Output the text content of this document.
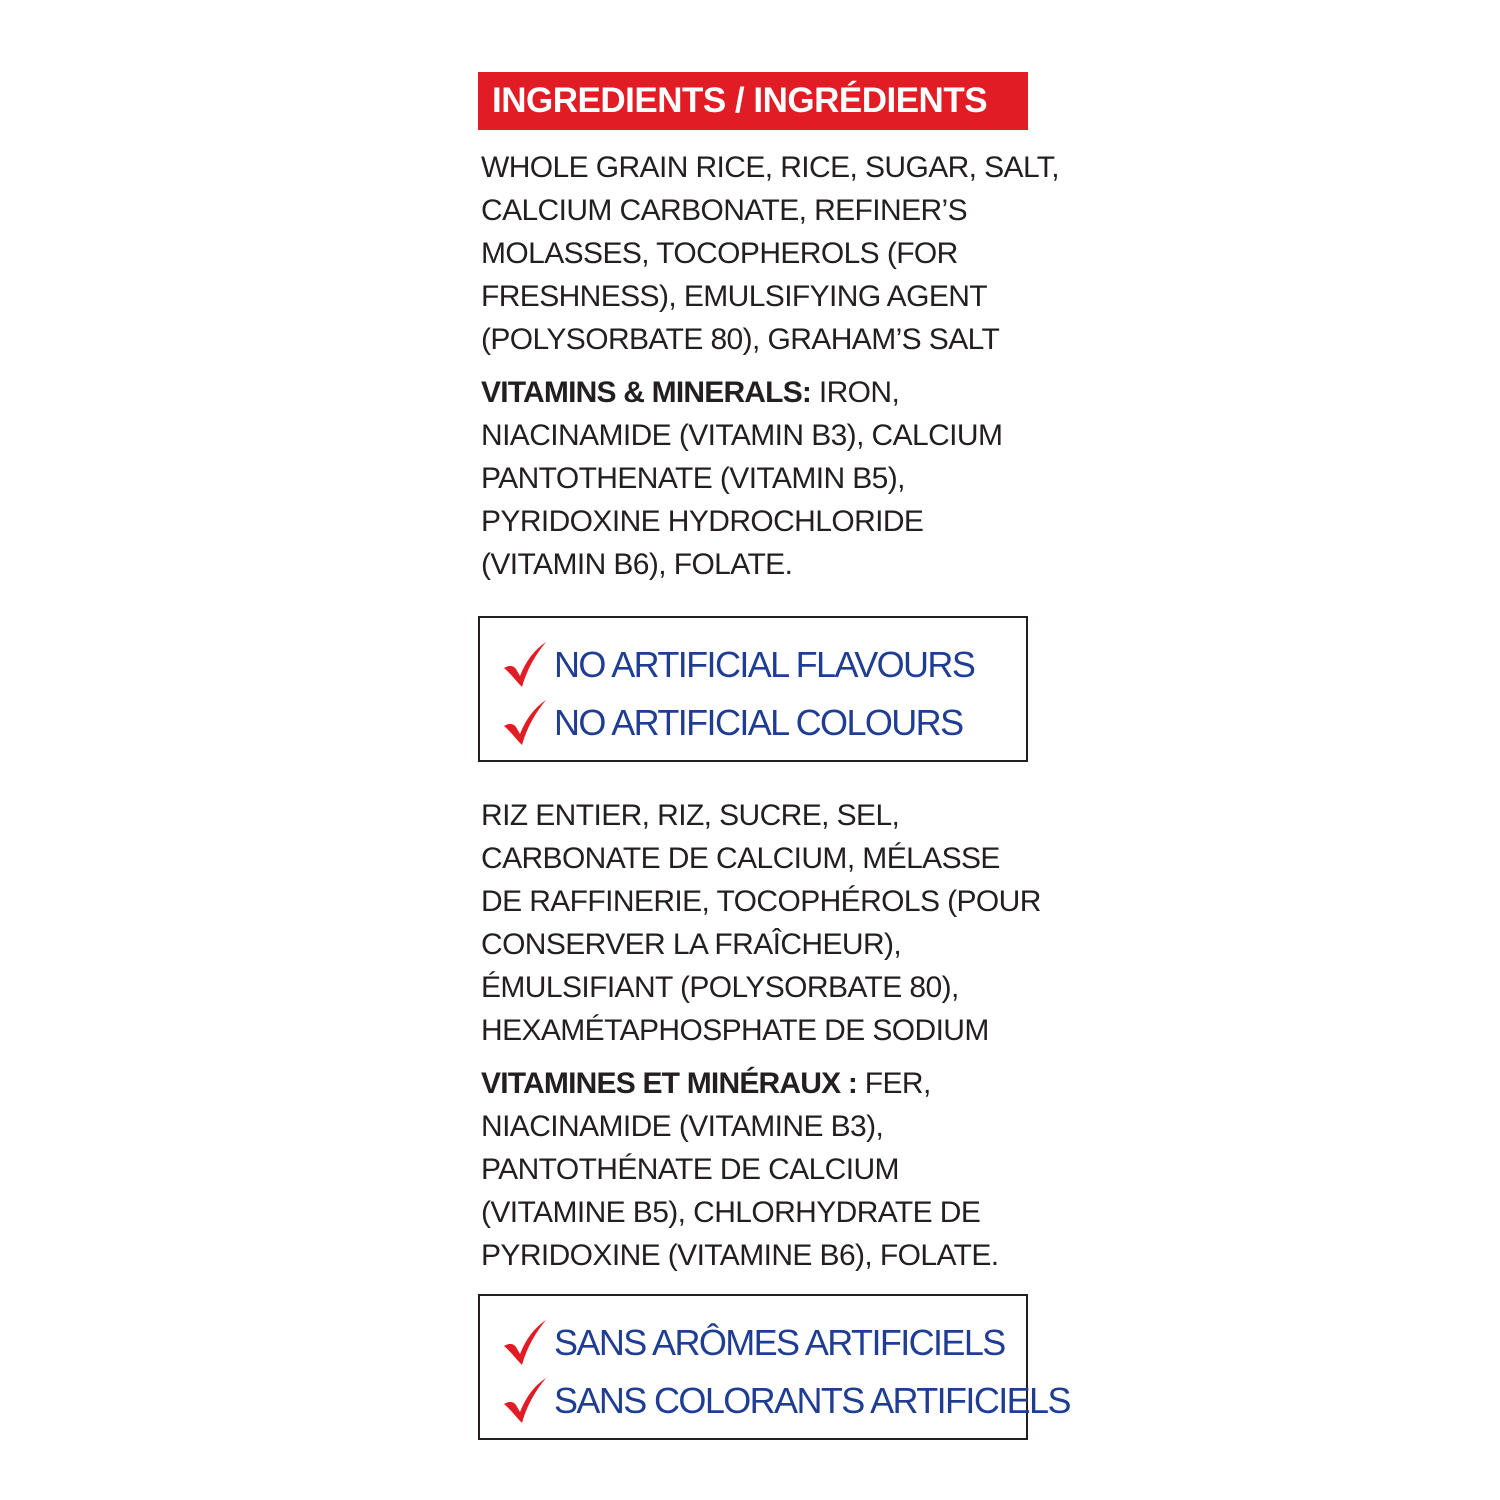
INGREDIENTS / INGRÉDIENTS

WHOLE GRAIN RICE, RICE, SUGAR, SALT,
CALCIUM CARBONATE, REFINER’S
MOLASSES, TOCOPHEROLS (FOR
FRESHNESS), EMULSIFYING AGENT
(POLYSORBATE 80), GRAHAM’S SALT

VITAMINS & MINERALS: IRON,
NIACINAMIDE (VITAMIN B3), CALCIUM
PANTOTHENATE (VITAMIN B5),
PYRIDOXINE HYDROCHLORIDE
(VITAMIN B6), FOLATE.

NO ARTIFICIAL FLAVOURS
NO ARTIFICIAL COLOURS

RIZ ENTIER, RIZ, SUCRE, SEL,
CARBONATE DE CALCIUM, MÉLASSE
DE RAFFINERIE, TOCOPHÉROLS (POUR
CONSERVER LA FRAÎCHEUR),
ÉMULSIFIANT (POLYSORBATE 80),
HEXAMÉTAPHOSPHATE DE SODIUM

VITAMINES ET MINÉRAUX : FER,
NIACINAMIDE (VITAMINE B3),
PANTOTHÉNATE DE CALCIUM
(VITAMINE B5), CHLORHYDRATE DE
PYRIDOXINE (VITAMINE B6), FOLATE.

SANS ARÔMES ARTIFICIELS
SANS COLORANTS ARTIFICIELS
